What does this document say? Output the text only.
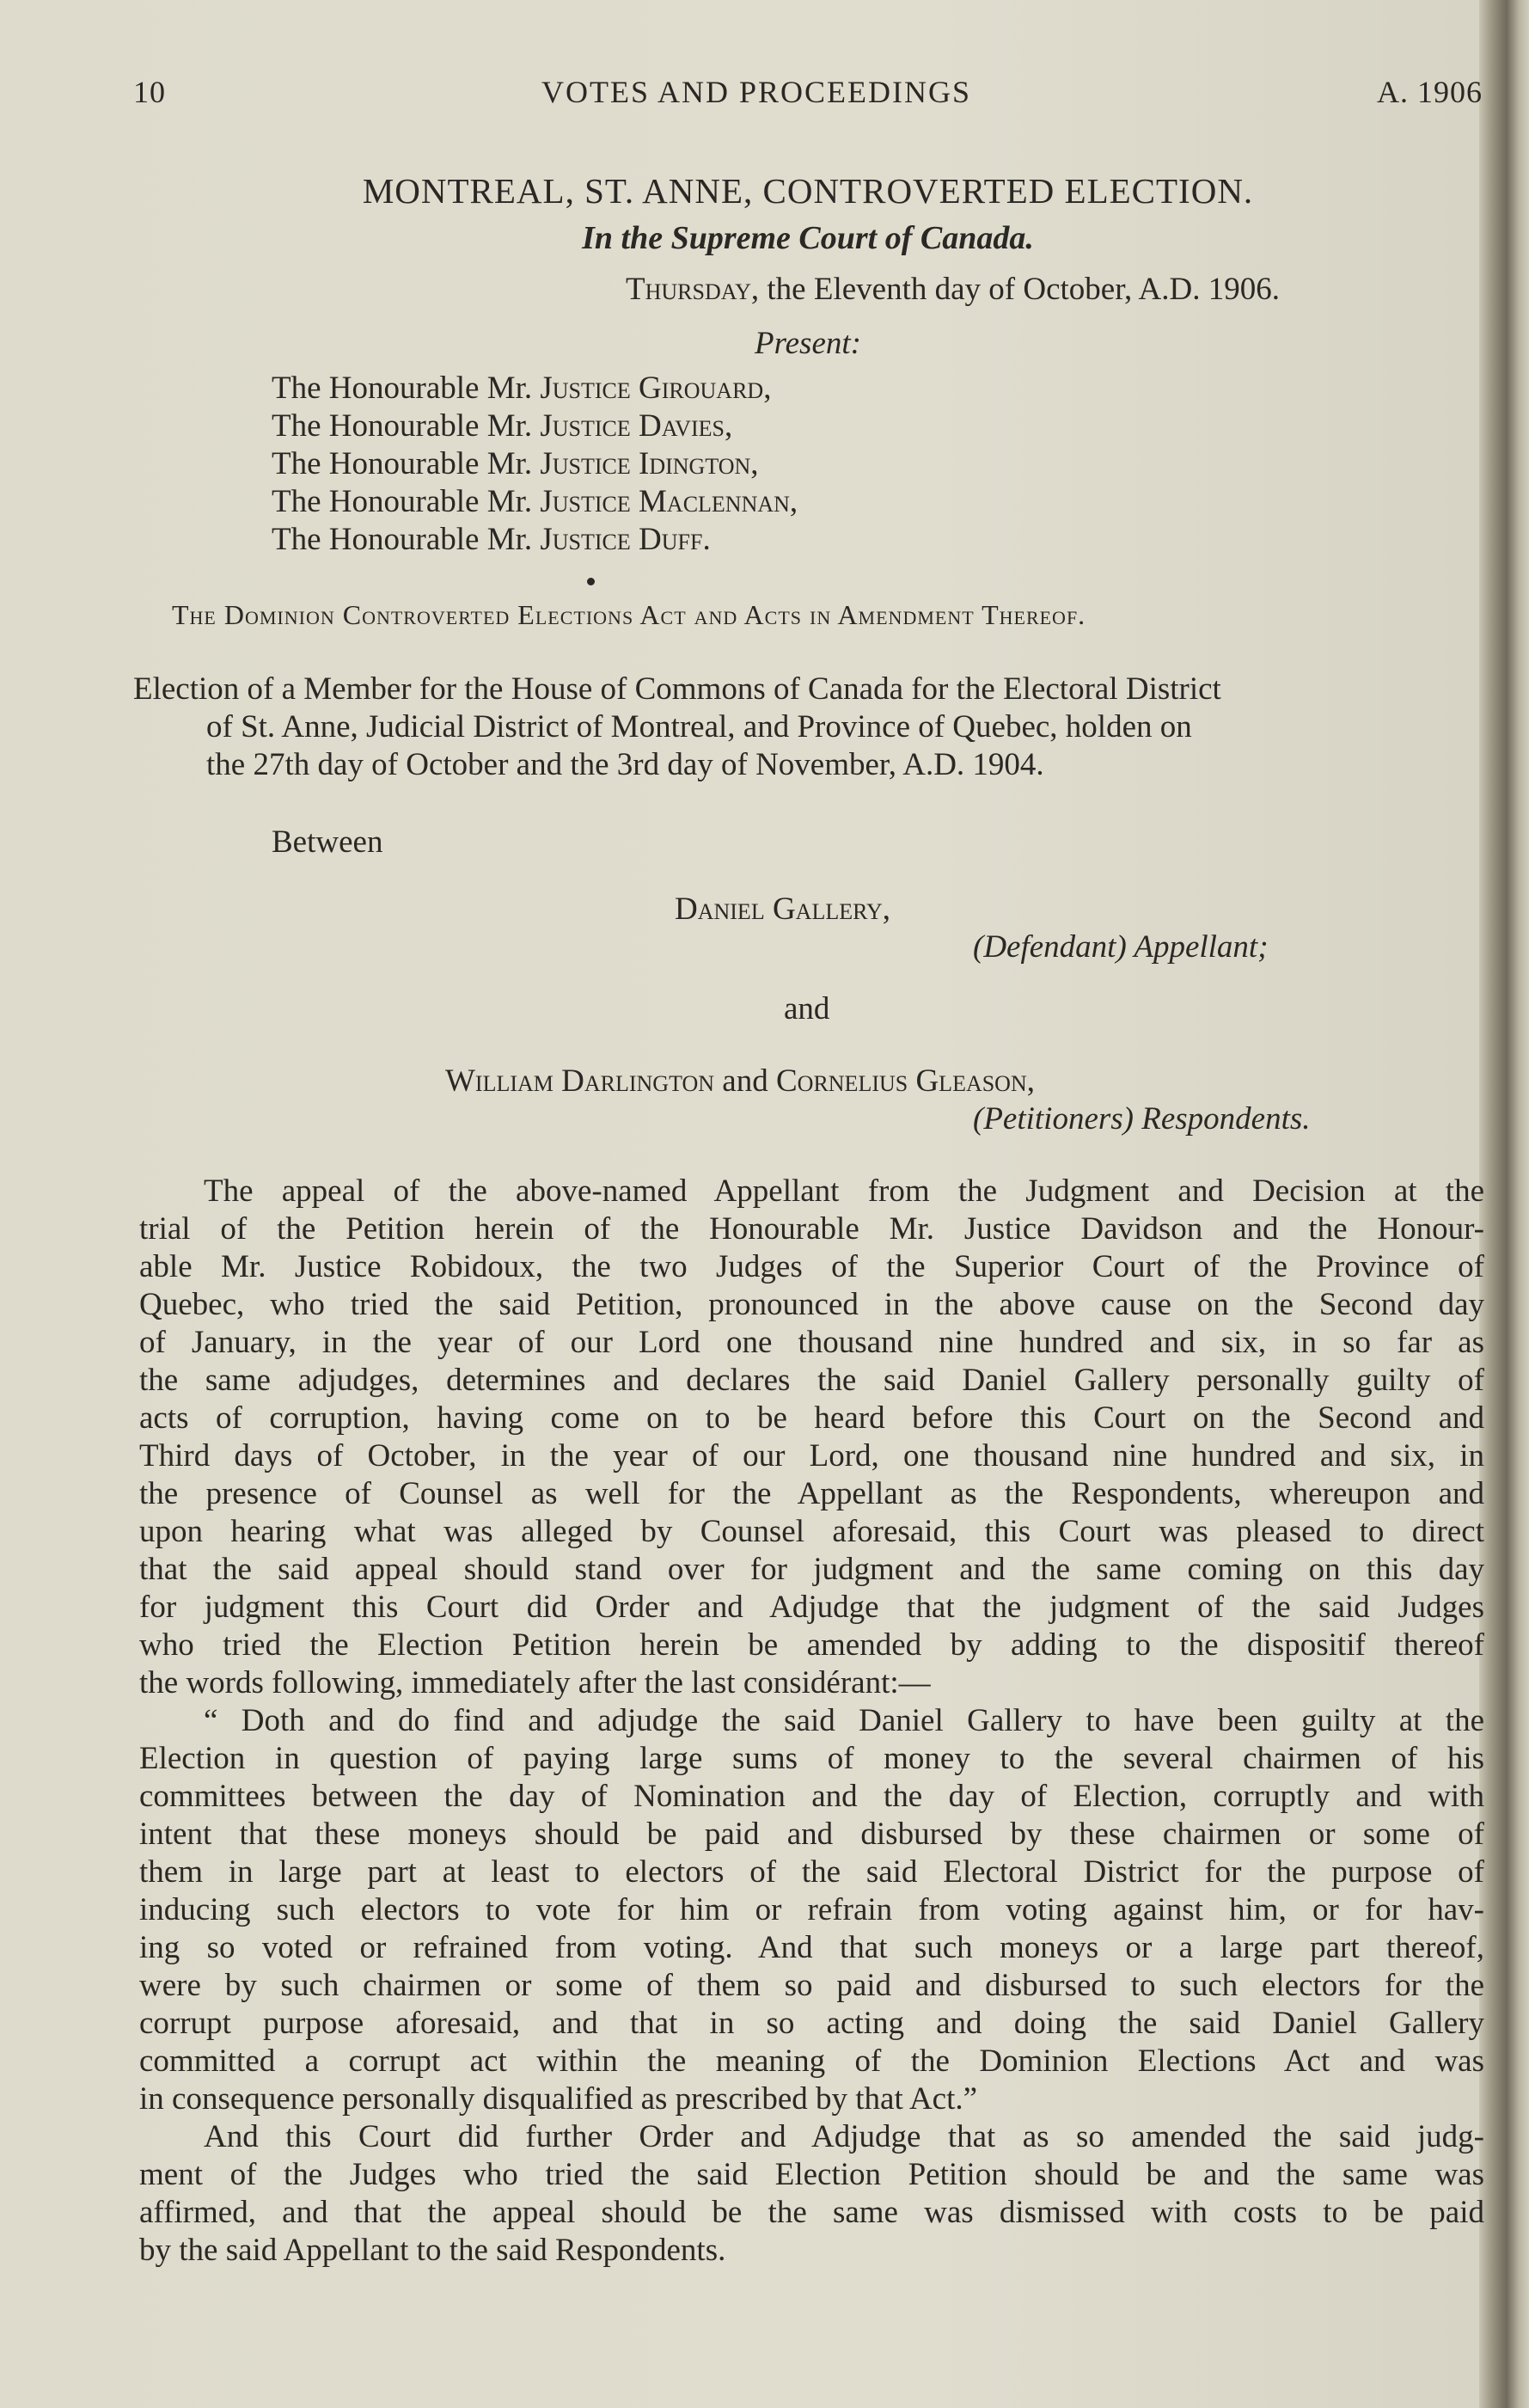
10	VOTES AND PROCEEDINGS	A. 1906
MONTREAL, ST. ANNE, CONTROVERTED ELECTION.
In the Supreme Court of Canada.
Thursday, the Eleventh day of October, A.D. 1906.
Present:
The Honourable Mr. Justice Girouard,
The Honourable Mr. Justice Davies,
The Honourable Mr. Justice Idington,
The Honourable Mr. Justice Maclennan,
The Honourable Mr. Justice Duff.
The Dominion Controverted Elections Act and Acts in Amendment Thereof.
Election of a Member for the House of Commons of Canada for the Electoral District
of St. Anne, Judicial District of Montreal, and Province of Quebec, holden on
the 27th day of October and the 3rd day of November, A.D. 1904.
Between
Daniel Gallery,
(Defendant) Appellant;
and
William Darlington and Cornelius Gleason,
(Petitioners) Respondents.
The appeal of the above-named Appellant from the Judgment and Decision at the
trial of the Petition herein of the Honourable Mr. Justice Davidson and the Honour-
able Mr. Justice Robidoux, the two Judges of the Superior Court of the Province of
Quebec, who tried the said Petition, pronounced in the above cause on the Second day
of January, in the year of our Lord one thousand nine hundred and six, in so far as
the same adjudges, determines and declares the said Daniel Gallery personally guilty of
acts of corruption, having come on to be heard before this Court on the Second and
Third days of October, in the year of our Lord, one thousand nine hundred and six, in
the presence of Counsel as well for the Appellant as the Respondents, whereupon and
upon hearing what was alleged by Counsel aforesaid, this Court was pleased to direct
that the said appeal should stand over for judgment and the same coming on this day
for judgment this Court did Order and Adjudge that the judgment of the said Judges
who tried the Election Petition herein be amended by adding to the dispositif thereof
the words following, immediately after the last considérant:—
“ Doth and do find and adjudge the said Daniel Gallery to have been guilty at the
Election in question of paying large sums of money to the several chairmen of his
committees between the day of Nomination and the day of Election, corruptly and with
intent that these moneys should be paid and disbursed by these chairmen or some of
them in large part at least to electors of the said Electoral District for the purpose of
inducing such electors to vote for him or refrain from voting against him, or for hav-
ing so voted or refrained from voting. And that such moneys or a large part thereof,
were by such chairmen or some of them so paid and disbursed to such electors for the
corrupt purpose aforesaid, and that in so acting and doing the said Daniel Gallery
committed a corrupt act within the meaning of the Dominion Elections Act and was
in consequence personally disqualified as prescribed by that Act.”
And this Court did further Order and Adjudge that as so amended the said judg-
ment of the Judges who tried the said Election Petition should be and the same was
affirmed, and that the appeal should be the same was dismissed with costs to be paid
by the said Appellant to the said Respondents.
